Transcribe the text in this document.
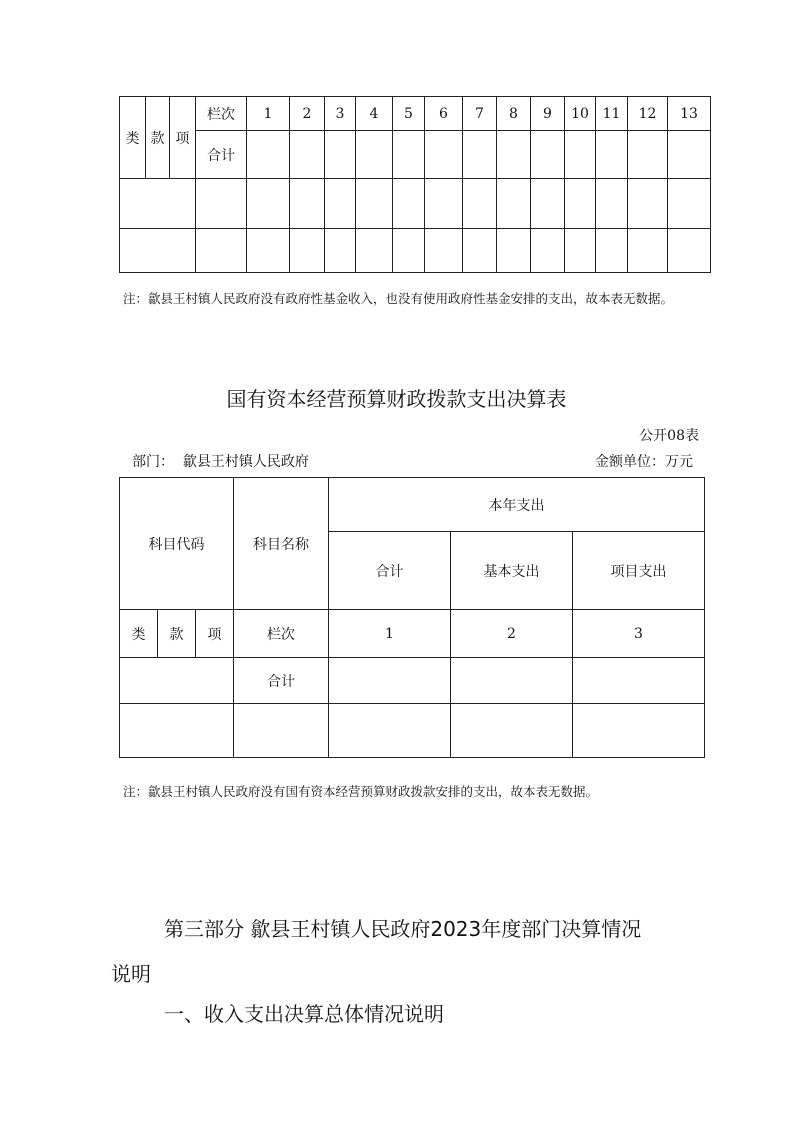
类	款	项	栏次	1	2	3	4	5	6	7	8	9	10	11	12	13
			合计													

注：歙县王村镇人民政府没有政府性基金收入，也没有使用政府性基金安排的支出，故本表无数据。
国有资本经营预算财政拨款支出决算表
公开08表
部门： 歙县王村镇人民政府	金额单位：万元
科目代码			科目名称	本年支出		
				合计	基本支出	项目支出
类	款	项	栏次	1	2	3
			合计			

注：歙县王村镇人民政府没有国有资本经营预算财政拨款安排的支出，故本表无数据。
第三部分 歙县王村镇人民政府2023年度部门决算情况
说明
一、收入支出决算总体情况说明
